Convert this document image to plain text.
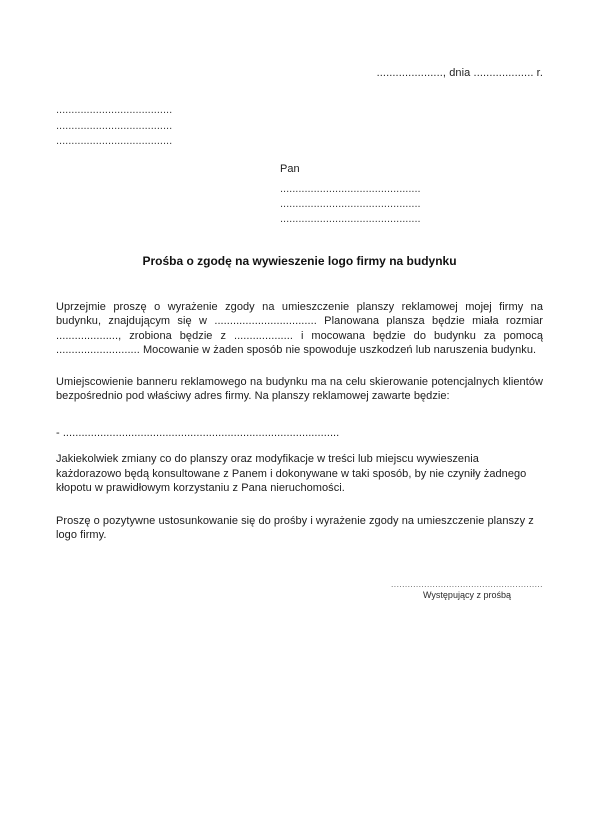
....................., dnia ................... r.
......................................
......................................
......................................
Pan
..............................................
..............................................
..............................................
Prośba o zgodę na wywieszenie logo firmy na budynku

Uprzejmie proszę o wyrażenie zgody na umieszczenie planszy reklamowej mojej firmy na budynku, znajdującym się w ................................. Planowana plansza będzie miała rozmiar ...................., zrobiona będzie z ................... i mocowana będzie do budynku za pomocą ........................... Mocowanie w żaden sposób nie spowoduje uszkodzeń lub naruszenia budynku.

Umiejscowienie banneru reklamowego na budynku ma na celu skierowanie potencjalnych klientów bezpośrednio pod właściwy adres firmy. Na planszy reklamowej zawarte będzie:

- .........................................................................................

Jakiekolwiek zmiany co do planszy oraz modyfikacje w treści lub miejscu wywieszenia każdorazowo będą konsultowane z Panem i dokonywane w taki sposób, by nie czyniły żadnego kłopotu w prawidłowym korzystaniu z Pana nieruchomości.

Proszę o pozytywne ustosunkowanie się do prośby i wyrażenie zgody na umieszczenie planszy z logo firmy.

.......................................................
Występujący z prośbą
